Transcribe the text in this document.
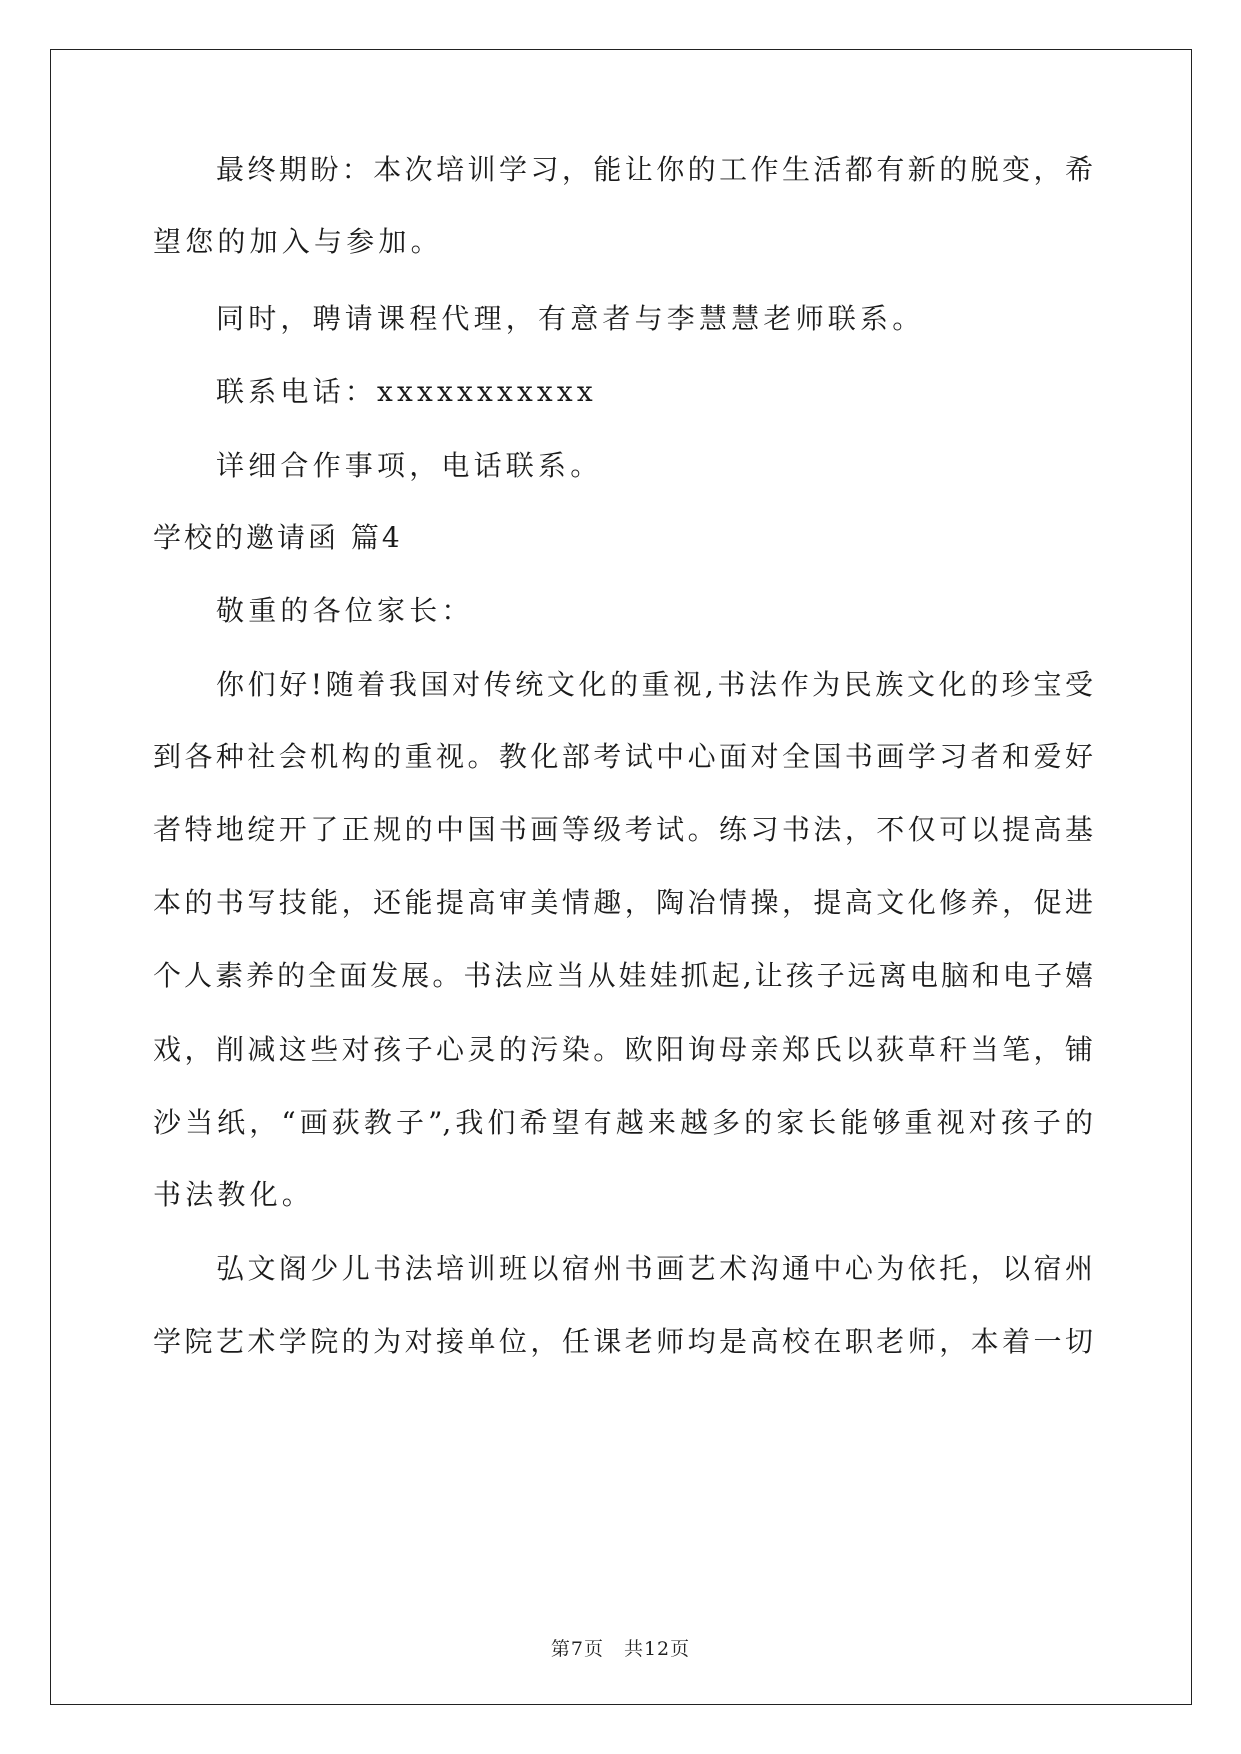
最终期盼：本次培训学习，能让你的工作生活都有新的脱变，希
望您的加入与参加。
同时，聘请课程代理，有意者与李慧慧老师联系。
联系电话：xxxxxxxxxxx
详细合作事项，电话联系。
学校的邀请函 篇4
敬重的各位家长：
你们好!随着我国对传统文化的重视,书法作为民族文化的珍宝受
到各种社会机构的重视。教化部考试中心面对全国书画学习者和爱好
者特地绽开了正规的中国书画等级考试。练习书法，不仅可以提高基
本的书写技能，还能提高审美情趣，陶冶情操，提高文化修养，促进
个人素养的全面发展。书法应当从娃娃抓起,让孩子远离电脑和电子嬉
戏，削减这些对孩子心灵的污染。欧阳询母亲郑氏以荻草秆当笔，铺
沙当纸，“画荻教子”,我们希望有越来越多的家长能够重视对孩子的
书法教化。
弘文阁少儿书法培训班以宿州书画艺术沟通中心为依托，以宿州
学院艺术学院的为对接单位，任课老师均是高校在职老师，本着一切
第7页　共12页
